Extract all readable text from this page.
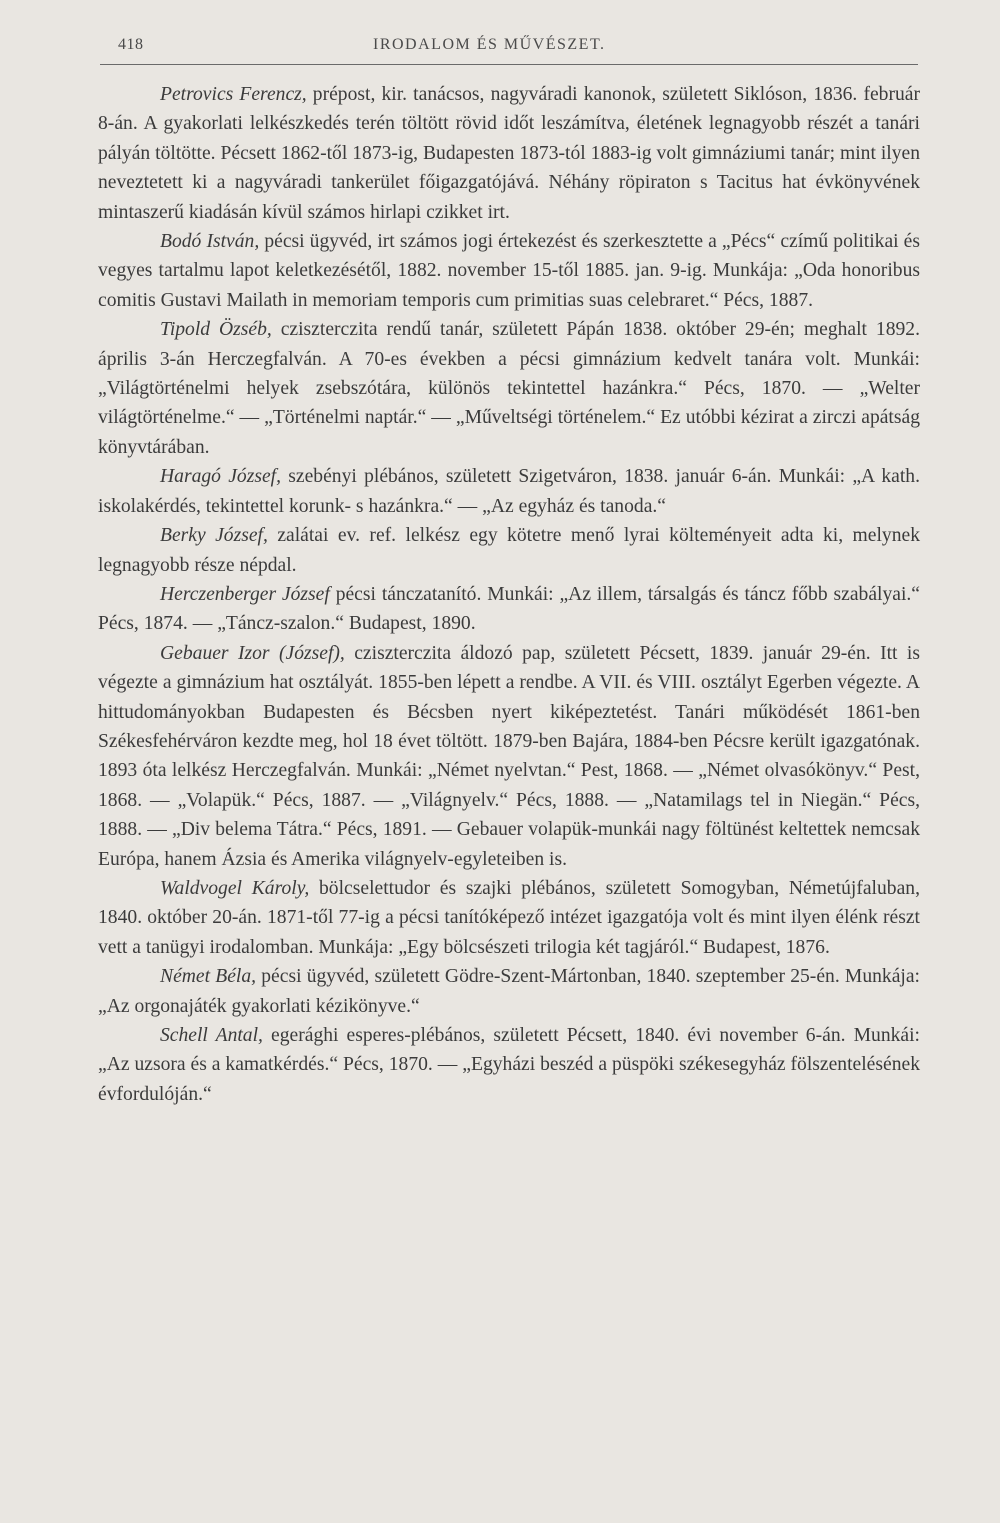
418	IRODALOM ÉS MŰVÉSZET.

Petrovics Ferencz, prépost, kir. tanácsos, nagyváradi kanonok, született Siklóson, 1836. február 8-án. A gyakorlati lelkészkedés terén töltött rövid időt leszámítva, életének legnagyobb részét a tanári pályán töltötte. Pécsett 1862-től 1873-ig, Budapesten 1873-tól 1883-ig volt gimnáziumi tanár; mint ilyen neveztetett ki a nagyváradi tankerület főigazgatójává. Néhány röpiraton s Tacitus hat évkönyvének mintaszerű kiadásán kívül számos hirlapi czikket irt.

Bodó István, pécsi ügyvéd, irt számos jogi értekezést és szerkesztette a „Pécs“ czímű politikai és vegyes tartalmu lapot keletkezésétől, 1882. november 15-től 1885. jan. 9-ig. Munkája: „Oda honoribus comitis Gustavi Mailath in memoriam temporis cum primitias suas celebraret.“ Pécs, 1887.

Tipold Özséb, cziszterczita rendű tanár, született Pápán 1838. október 29-én; meghalt 1892. április 3-án Herczegfalván. A 70-es években a pécsi gimnázium kedvelt tanára volt. Munkái: „Világtörténelmi helyek zsebszótára, különös tekintettel hazánkra.“ Pécs, 1870. — „Welter világtörténelme.“ — „Történelmi naptár.“ — „Műveltségi történelem.“ Ez utóbbi kézirat a zirczi apátság könyvtárában.

Haragó József, szebényi plébános, született Szigetváron, 1838. január 6-án. Munkái: „A kath. iskolakérdés, tekintettel korunk- s hazánkra.“ — „Az egyház és tanoda.“

Berky József, zalátai ev. ref. lelkész egy kötetre menő lyrai költeményeit adta ki, melynek legnagyobb része népdal.

Herczenberger József pécsi tánczatanító. Munkái: „Az illem, társalgás és táncz főbb szabályai.“ Pécs, 1874. — „Táncz-szalon.“ Budapest, 1890.

Gebauer Izor (József), cziszterczita áldozó pap, született Pécsett, 1839. január 29-én. Itt is végezte a gimnázium hat osztályát. 1855-ben lépett a rendbe. A VII. és VIII. osztályt Egerben végezte. A hittudományokban Budapesten és Bécsben nyert kiképeztetést. Tanári működését 1861-ben Székesfehérváron kezdte meg, hol 18 évet töltött. 1879-ben Bajára, 1884-ben Pécsre került igazgatónak. 1893 óta lelkész Herczegfalván. Munkái: „Német nyelvtan.“ Pest, 1868. — „Német olvasókönyv.“ Pest, 1868. — „Volapük.“ Pécs, 1887. — „Világnyelv.“ Pécs, 1888. — „Natamilags tel in Niegän.“ Pécs, 1888. — „Div belema Tátra.“ Pécs, 1891. — Gebauer volapük-munkái nagy föltünést keltettek nemcsak Európa, hanem Ázsia és Amerika világnyelv-egyleteiben is.

Waldvogel Károly, bölcselettudor és szajki plébános, született Somogyban, Németújfaluban, 1840. október 20-án. 1871-től 77-ig a pécsi tanítóképező intézet igazgatója volt és mint ilyen élénk részt vett a tanügyi irodalomban. Munkája: „Egy bölcsészeti trilogia két tagjáról.“ Budapest, 1876.

Német Béla, pécsi ügyvéd, született Gödre-Szent-Mártonban, 1840. szeptember 25-én. Munkája: „Az orgonajáték gyakorlati kézikönyve.“

Schell Antal, egerághi esperes-plébános, született Pécsett, 1840. évi november 6-án. Munkái: „Az uzsora és a kamatkérdés.“ Pécs, 1870. — „Egyházi beszéd a püspöki székesegyház fölszentelésének évfordulóján.“
